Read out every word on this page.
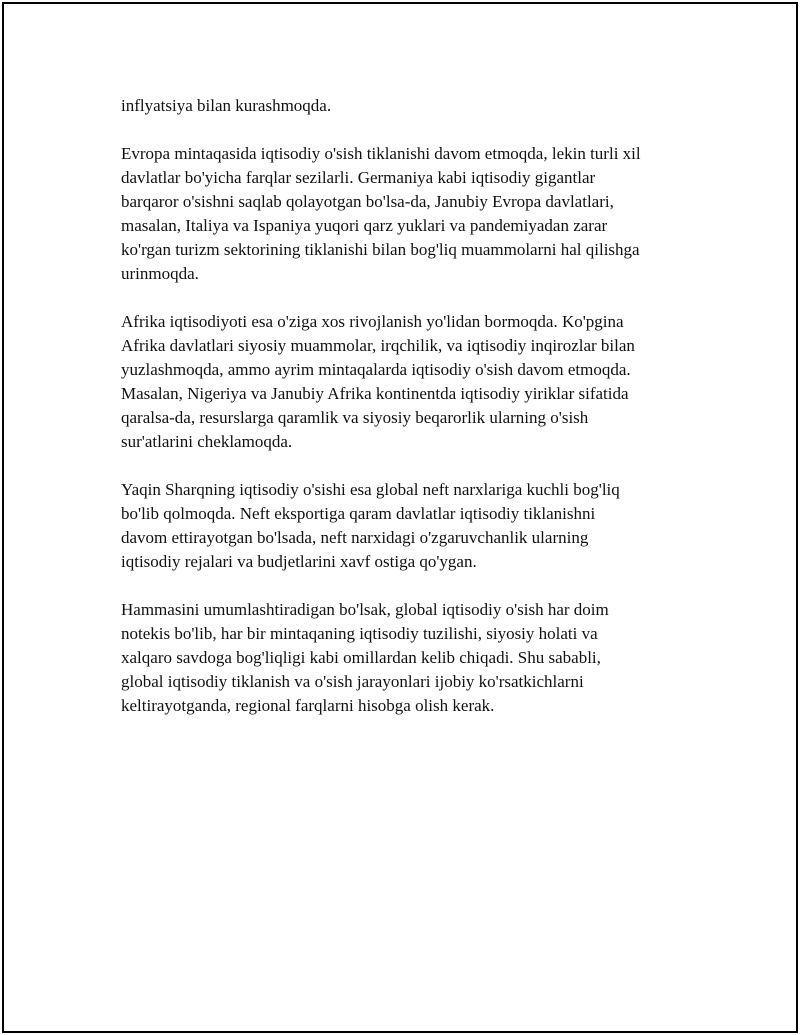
inflyatsiya bilan kurashmoqda.

Evropa mintaqasida iqtisodiy o'sish tiklanishi davom etmoqda, lekin turli xil
davlatlar bo'yicha farqlar sezilarli. Germaniya kabi iqtisodiy gigantlar
barqaror o'sishni saqlab qolayotgan bo'lsa-da, Janubiy Evropa davlatlari,
masalan, Italiya va Ispaniya yuqori qarz yuklari va pandemiyadan zarar
ko'rgan turizm sektorining tiklanishi bilan bog'liq muammolarni hal qilishga
urinmoqda.

Afrika iqtisodiyoti esa o'ziga xos rivojlanish yo'lidan bormoqda. Ko'pgina
Afrika davlatlari siyosiy muammolar, irqchilik, va iqtisodiy inqirozlar bilan
yuzlashmoqda, ammo ayrim mintaqalarda iqtisodiy o'sish davom etmoqda.
Masalan, Nigeriya va Janubiy Afrika kontinentda iqtisodiy yiriklar sifatida
qaralsa-da, resurslarga qaramlik va siyosiy beqarorlik ularning o'sish
sur'atlarini cheklamoqda.

Yaqin Sharqning iqtisodiy o'sishi esa global neft narxlariga kuchli bog'liq
bo'lib qolmoqda. Neft eksportiga qaram davlatlar iqtisodiy tiklanishni
davom ettirayotgan bo'lsada, neft narxidagi o'zgaruvchanlik ularning
iqtisodiy rejalari va budjetlarini xavf ostiga qo'ygan.

Hammasini umumlashtiradigan bo'lsak, global iqtisodiy o'sish har doim
notekis bo'lib, har bir mintaqaning iqtisodiy tuzilishi, siyosiy holati va
xalqaro savdoga bog'liqligi kabi omillardan kelib chiqadi. Shu sababli,
global iqtisodiy tiklanish va o'sish jarayonlari ijobiy ko'rsatkichlarni
keltirayotganda, regional farqlarni hisobga olish kerak.
